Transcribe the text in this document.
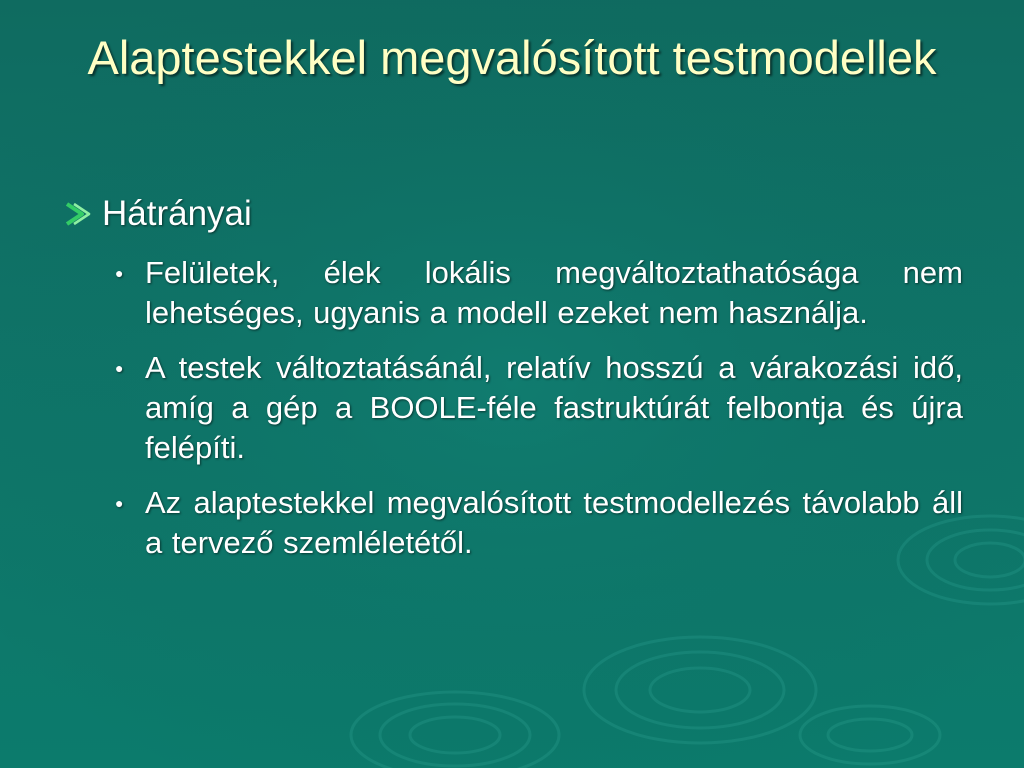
Alaptestekkel megvalósított testmodellek
Hátrányai
● Felületek, élek lokális megváltoztathatósága nem lehetséges, ugyanis a modell ezeket nem használja.
● A testek változtatásánál, relatív hosszú a várakozási idő, amíg a gép a BOOLE-féle fastruktúrát felbontja és újra felépíti.
● Az alaptestekkel megvalósított testmodellezés távolabb áll a tervező szemléletétől.
